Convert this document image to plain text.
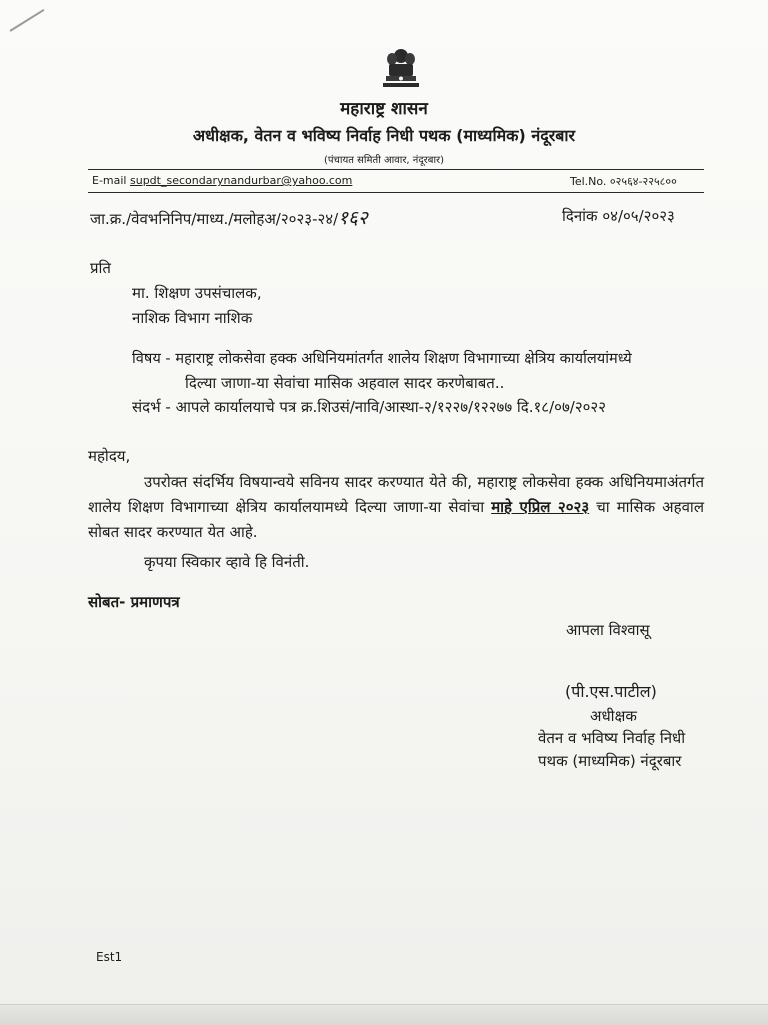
महाराष्ट्र शासन
अधीक्षक, वेतन व भविष्य निर्वाह निधी पथक (माध्यमिक) नंदूरबार
(पंचायत समिती आवार, नंदूरबार)
E-mail supdt_secondarynandurbar@yahoo.com	Tel.No. ०२५६४-२२५८००
जा.क्र./वेवभनिनिप/माध्य./मलोहअ/२०२३-२४/१६२	दिनांक ०४/०५/२०२३
प्रति
मा. शिक्षण उपसंचालक,
नाशिक विभाग नाशिक
विषय - महाराष्ट्र लोकसेवा हक्क अधिनियमांतर्गत शालेय शिक्षण विभागाच्या क्षेत्रिय कार्यालयांमध्ये
दिल्या जाणा-या सेवांचा मासिक अहवाल सादर करणेबाबत..
संदर्भ - आपले कार्यालयाचे पत्र क्र.शिउसं/नावि/आस्था-२/१२२७/१२२७७ दि.१८/०७/२०२२
महोदय,
उपरोक्त संदर्भिय विषयान्वये सविनय सादर करण्यात येते की, महाराष्ट्र लोकसेवा हक्क अधिनियमाअंतर्गत शालेय शिक्षण विभागाच्या क्षेत्रिय कार्यालयामध्ये दिल्या जाणा-या सेवांचा माहे एप्रिल २०२३ चा मासिक अहवाल सोबत सादर करण्यात येत आहे.
कृपया स्विकार व्हावे हि विनंती.
सोबत- प्रमाणपत्र
आपला विश्वासू
(पी.एस.पाटील)
अधीक्षक
वेतन व भविष्य निर्वाह निधी
पथक (माध्यमिक) नंदूरबार
Est1
